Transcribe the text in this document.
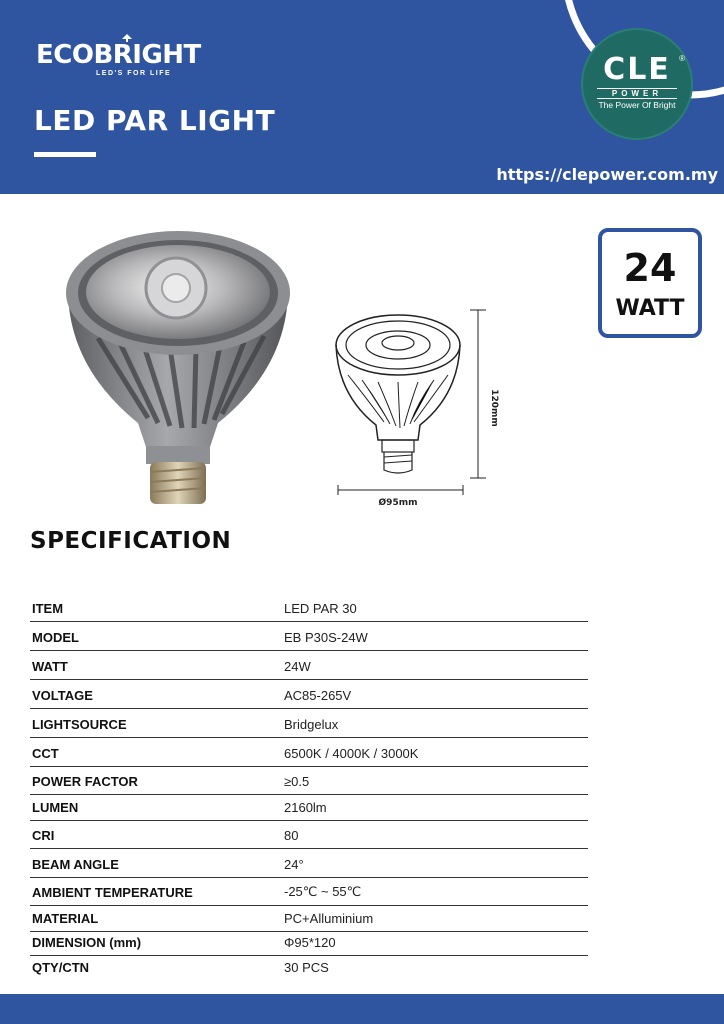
ECOBRIGHT
LED'S FOR LIFE
LED PAR LIGHT
https://clepower.com.my
CLE	®
POWER
The Power Of Bright
24
WATT
120mm
Ø95mm
SPECIFICATION
ITEM	LED PAR 30
MODEL	EB P30S-24W
WATT	24W
VOLTAGE	AC85-265V
LIGHTSOURCE	Bridgelux
CCT	6500K / 4000K / 3000K
POWER FACTOR	≥0.5
LUMEN	2160lm
CRI	80
BEAM ANGLE	24°
AMBIENT TEMPERATURE	-25℃ ~ 55℃
MATERIAL	PC+Alluminium
DIMENSION (mm)	Φ95*120
QTY/CTN	30 PCS
